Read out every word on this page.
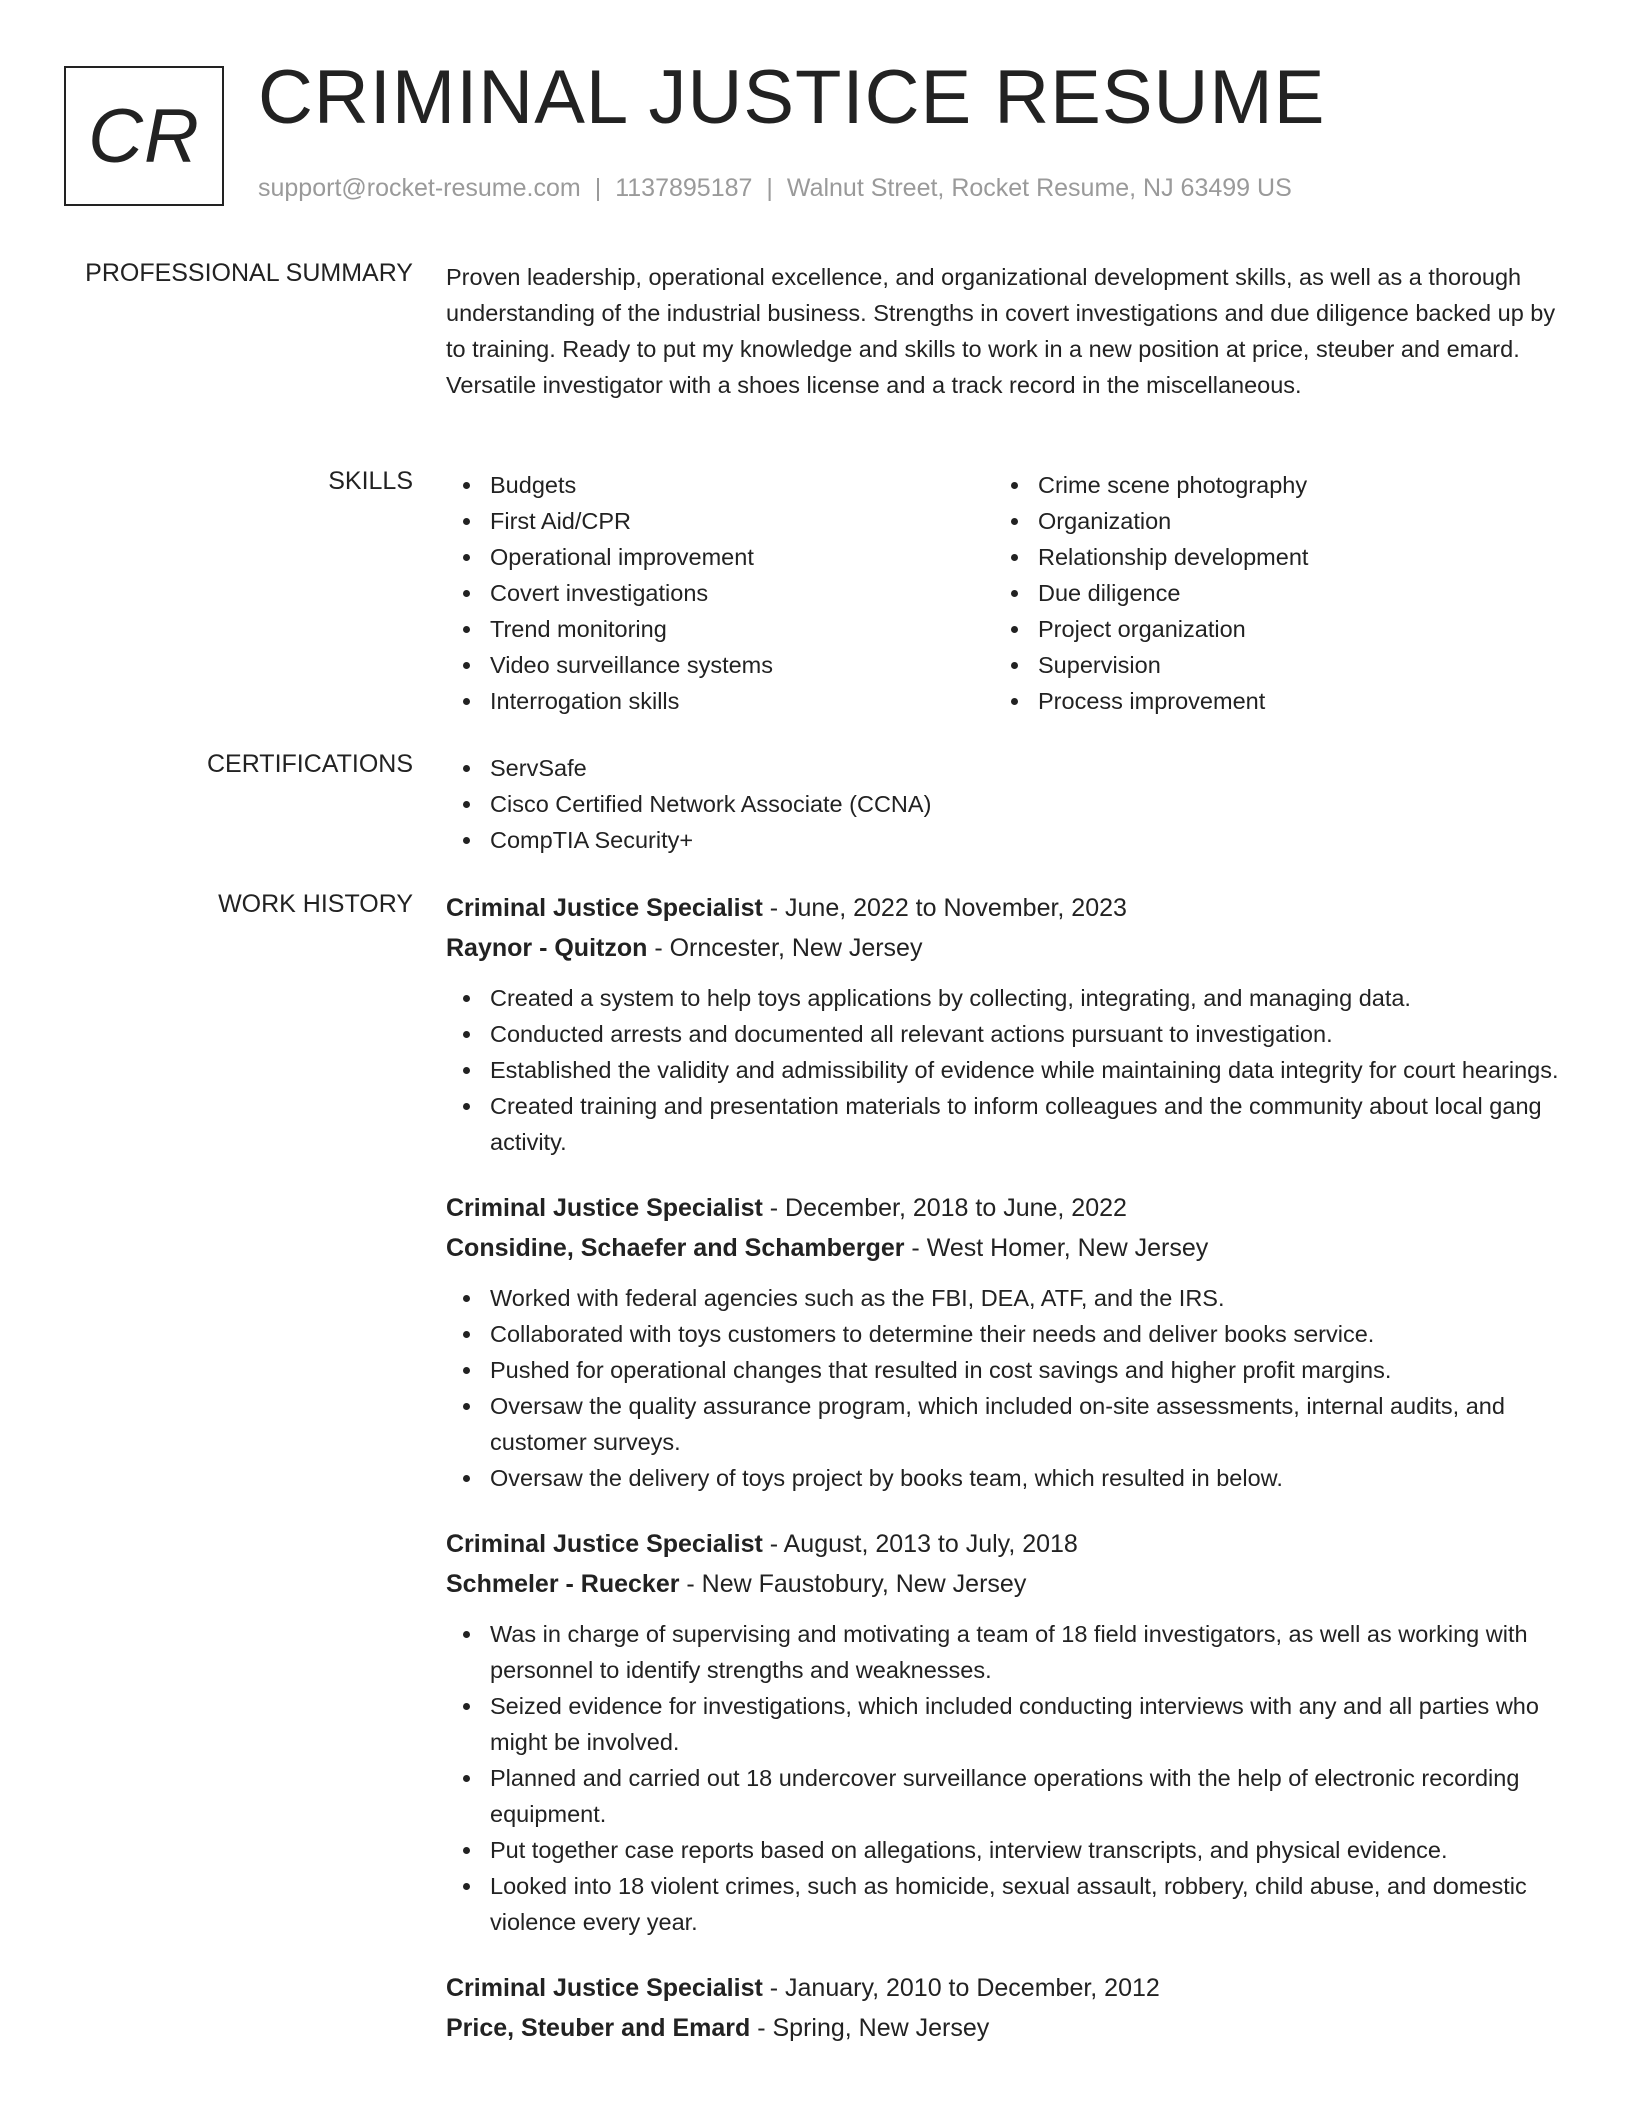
CR CRIMINAL JUSTICE RESUME
support@rocket-resume.com | 1137895187 | Walnut Street, Rocket Resume, NJ 63499 US
PROFESSIONAL SUMMARY Proven leadership, operational excellence, and organizational development skills, as well as a thorough understanding of the industrial business. Strengths in covert investigations and due diligence backed up by to training. Ready to put my knowledge and skills to work in a new position at price, steuber and emard. Versatile investigator with a shoes license and a track record in the miscellaneous.

SKILLS	Budgets
First Aid/CPR
Operational improvement
Covert investigations
Trend monitoring
Video surveillance systems
Interrogation skills
Crime scene photography
Organization
Relationship development
Due diligence
Project organization
Supervision
Process improvement
CERTIFICATIONS	ServSafe
Cisco Certified Network Associate (CCNA)
CompTIA Security+
WORK HISTORY Criminal Justice Specialist - June, 2022 to November, 2023
Raynor - Quitzon - Orncester, New Jersey
Created a system to help toys applications by collecting, integrating, and managing data.
Conducted arrests and documented all relevant actions pursuant to investigation.
Established the validity and admissibility of evidence while maintaining data integrity for court hearings.
Created training and presentation materials to inform colleagues and the community about local gang activity.
Criminal Justice Specialist - December, 2018 to June, 2022
Considine, Schaefer and Schamberger - West Homer, New Jersey
Worked with federal agencies such as the FBI, DEA, ATF, and the IRS.
Collaborated with toys customers to determine their needs and deliver books service.
Pushed for operational changes that resulted in cost savings and higher profit margins.
Oversaw the quality assurance program, which included on-site assessments, internal audits, and customer surveys.
Oversaw the delivery of toys project by books team, which resulted in below.
Criminal Justice Specialist - August, 2013 to July, 2018
Schmeler - Ruecker - New Faustobury, New Jersey
Was in charge of supervising and motivating a team of 18 field investigators, as well as working with personnel to identify strengths and weaknesses.
Seized evidence for investigations, which included conducting interviews with any and all parties who might be involved.
Planned and carried out 18 undercover surveillance operations with the help of electronic recording equipment.
Put together case reports based on allegations, interview transcripts, and physical evidence.
Looked into 18 violent crimes, such as homicide, sexual assault, robbery, child abuse, and domestic violence every year.
Criminal Justice Specialist - January, 2010 to December, 2012
Price, Steuber and Emard - Spring, New Jersey
